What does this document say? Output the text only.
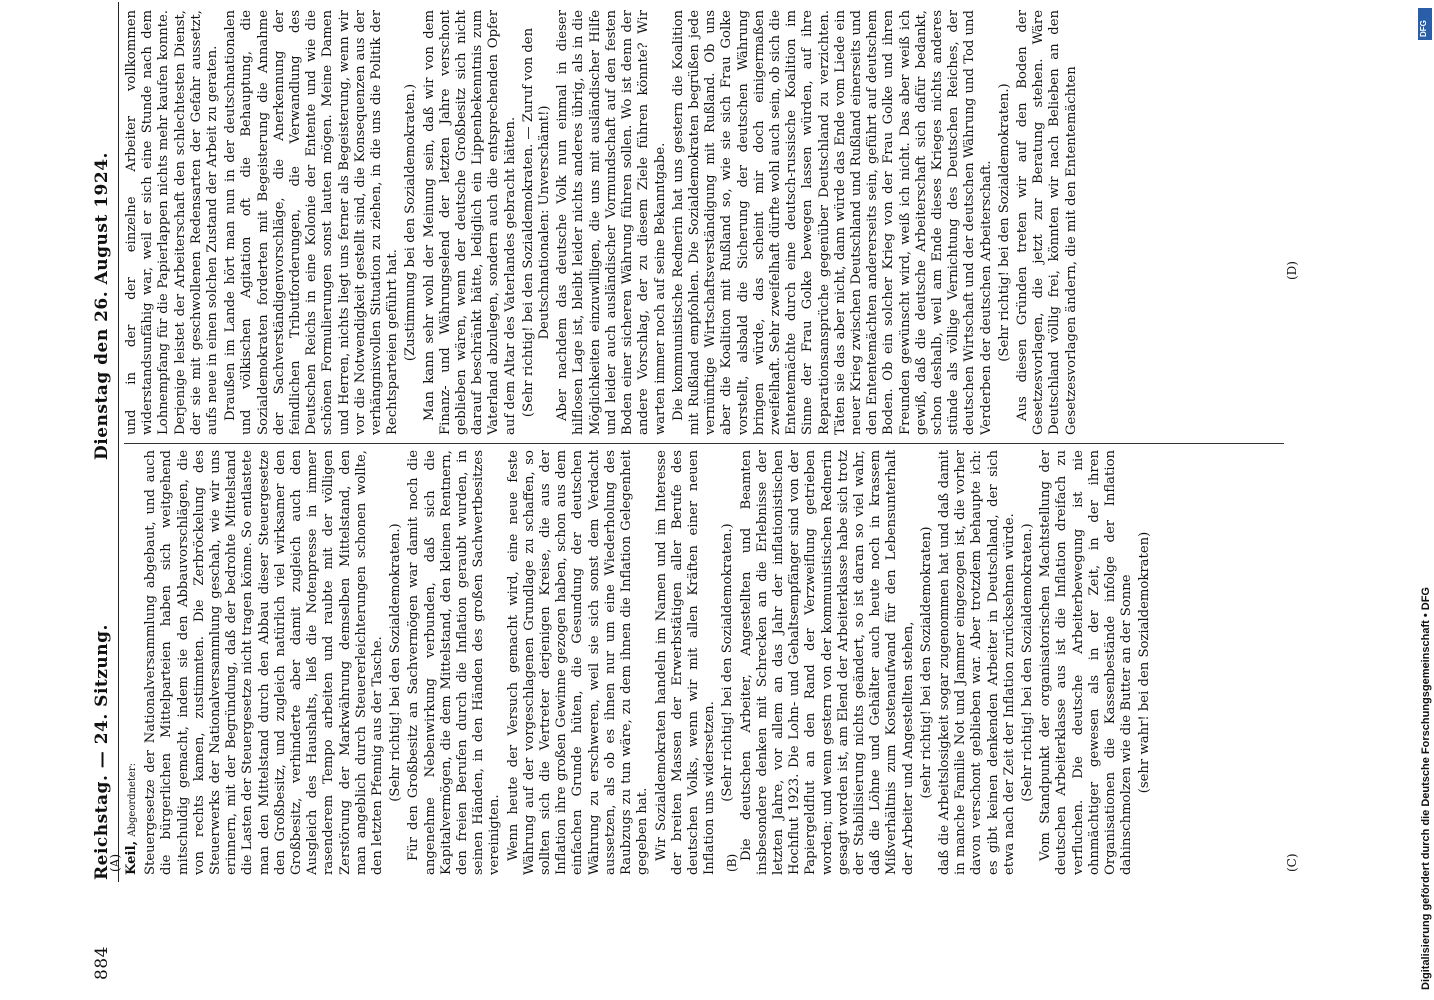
884
Reichstag. — 24. Sitzung.
Dienstag den 26. August 1924.
(A)	(B)	(C)
(D)

Keil, Abgeordneter: Steuergesetze der Nationalversammlung abgebaut, und auch die bürgerlichen Mittelparteien haben sich weitgehend mitschuldig gemacht, indem sie den Abbauvorschlägen, die von rechts kamen, zustimmten. Die Zerbröckelung des Steuerwerks der Nationalversammlung geschah, wie wir uns erinnern, mit der Begründung, daß der bedrohte Mittelstand die Lasten der Steuergesetze nicht tragen könne. So entlastete man den Mittelstand durch den Abbau dieser Steuergesetze den Großbesitz, und zugleich natürlich viel wirksamer den Großbesitz, verhinderte aber damit zugleich auch den Ausgleich des Haushalts, ließ die Notenpresse in immer rasenderem Tempo arbeiten und raubte mit der völligen Zerstörung der Markwährung demselben Mittelstand, den man angeblich durch Steuererleichterungen schonen wollte, den letzten Pfennig aus der Tasche. (Sehr richtig! bei den Sozialdemokraten.) Für den Großbesitz an Sachvermögen war damit noch die angenehme Nebenwirkung verbunden, daß sich die Kapitalvermögen, die dem Mittelstand, den kleinen Rentnern, den freien Berufen durch die Inflation geraubt wurden, in seinen Händen, in den Händen des großen Sachwertbesitzes vereinigten. Wenn heute der Versuch gemacht wird, eine neue feste Währung auf der vorgeschlagenen Grundlage zu schaffen, so sollten sich die Vertreter derjenigen Kreise, die aus der Inflation ihre großen Gewinne gezogen haben, schon aus dem einfachen Grunde hüten, die Gesundung der deutschen Währung zu erschweren, weil sie sich sonst dem Verdacht aussetzen, als ob es ihnen nur um eine Wiederholung des Raubzugs zu tun wäre, zu dem ihnen die Inflation Gelegenheit gegeben hat. Wir Sozialdemokraten handeln im Namen und im Interesse der breiten Massen der Erwerbstätigen aller Berufe des deutschen Volks, wenn wir mit allen Kräften einer neuen Inflation uns widersetzen. (Sehr richtig! bei den Sozialdemokraten.) Die deutschen Arbeiter, Angestellten und Beamten insbesondere denken mit Schrecken an die Erlebnisse der letzten Jahre, vor allem an das Jahr der inflationistischen Hochflut 1923. Die Lohn- und Gehaltsempfänger sind von der Papiergeldflut an den Rand der Verzweiflung getrieben worden; und wenn gestern von der kommunistischen Rednerin gesagt worden ist, am Elend der Arbeiterklasse habe sich trotz der Stabilisierung nichts geändert, so ist daran so viel wahr, daß die Löhne und Gehälter auch heute noch in krassem Mißverhältnis zum Kostenaufwand für den Lebensunterhalt der Arbeiter und Angestellten stehen, (sehr richtig! bei den Sozialdemokraten) daß die Arbeitslosigkeit sogar zugenommen hat und daß damit in manche Familie Not und Jammer eingezogen ist, die vorher davon verschont geblieben war. Aber trotzdem behaupte ich: es gibt keinen denkenden Arbeiter in Deutschland, der sich etwa nach der Zeit der Inflation zurücksehnen würde. (Sehr richtig! bei den Sozialdemokraten.) Vom Standpunkt der organisatorischen Machtstellung der deutschen Arbeiterklasse aus ist die Inflation dreifach zu verfluchen. Die deutsche Arbeiterbewegung ist nie ohnmächtiger gewesen als in der Zeit, in der ihren Organisationen die Kassenbestände infolge der Inflation dahinschmolzen wie die Butter an der Sonne (sehr wahr! bei den Sozialdemokraten)

und in der der einzelne Arbeiter vollkommen widerstandsunfähig war, weil er sich eine Stunde nach dem Lohnempfang für die Papierlappen nichts mehr kaufen konnte. Derjenige leistet der Arbeiterschaft den schlechtesten Dienst, der sie mit geschwollenen Redensarten der Gefahr aussetzt, aufs neue in einen solchen Zustand der Arbeit zu geraten. Draußen im Lande hört man nun in der deutschnationalen und völkischen Agitation oft die Behauptung, die Sozialdemokraten forderten mit Begeisterung die Annahme der Sachverständigenvorschläge, die Anerkennung der feindlichen Tributforderungen, die Verwandlung des Deutschen Reichs in eine Kolonie der Entente und wie die schönen Formulierungen sonst lauten mögen. Meine Damen und Herren, nichts liegt uns ferner als Begeisterung, wenn wir vor die Notwendigkeit gestellt sind, die Konsequenzen aus der verhängnisvollen Situation zu ziehen, in die uns die Politik der Rechtsparteien geführt hat. (Zustimmung bei den Sozialdemokraten.) Man kann sehr wohl der Meinung sein, daß wir von dem Finanz- und Währungselend der letzten Jahre verschont geblieben wären, wenn der deutsche Großbesitz sich nicht darauf beschränkt hätte, lediglich ein Lippenbekenntnis zum Vaterland abzulegen, sondern auch die entsprechenden Opfer auf dem Altar des Vaterlandes gebracht hätten. (Sehr richtig! bei den Sozialdemokraten. — Zuruf von den Deutschnationalen: Unverschämt!) Aber nachdem das deutsche Volk nun einmal in dieser hilflosen Lage ist, bleibt leider nichts anderes übrig, als in die Möglichkeiten einzuwilligen, die uns mit ausländischer Hilfe und leider auch ausländischer Vormundschaft auf den festen Boden einer sicheren Währung führen sollen. Wo ist denn der andere Vorschlag, der zu diesem Ziele führen könnte? Wir warten immer noch auf seine Bekanntgabe. Die kommunistische Rednerin hat uns gestern die Koalition mit Rußland empfohlen. Die Sozialdemokraten begrüßen jede vernünftige Wirtschaftsverständigung mit Rußland. Ob uns aber die Koalition mit Rußland so, wie sie sich Frau Golke vorstellt, alsbald die Sicherung der deutschen Währung bringen würde, das scheint mir doch einigermaßen zweifelhaft. Sehr zweifelhaft dürfte wohl auch sein, ob sich die Ententemächte durch eine deutsch-russische Koalition im Sinne der Frau Golke bewegen lassen würden, auf ihre Reparationsansprüche gegenüber Deutschland zu verzichten. Täten sie das aber nicht, dann würde das Ende vom Liede ein neuer Krieg zwischen Deutschland und Rußland einerseits und den Ententemächten andererseits sein, geführt auf deutschem Boden. Ob ein solcher Krieg von der Frau Golke und ihren Freunden gewünscht wird, weiß ich nicht. Das aber weiß ich gewiß, daß die deutsche Arbeiterschaft sich dafür bedankt, schon deshalb, weil am Ende dieses Krieges nichts anderes stünde als völlige Vernichtung des Deutschen Reiches, der deutschen Wirtschaft und der deutschen Währung und Tod und Verderben der deutschen Arbeiterschaft. (Sehr richtig! bei den Sozialdemokraten.) Aus diesen Gründen treten wir auf den Boden der Gesetzesvorlagen, die jetzt zur Beratung stehen. Wäre Deutschland völlig frei, könnten wir nach Belieben an den Gesetzesvorlagen ändern, die mit den Ententemächten

DFG
Digitalisierung gefördert durch die Deutsche Forschungsgemeinschaft • DFG
